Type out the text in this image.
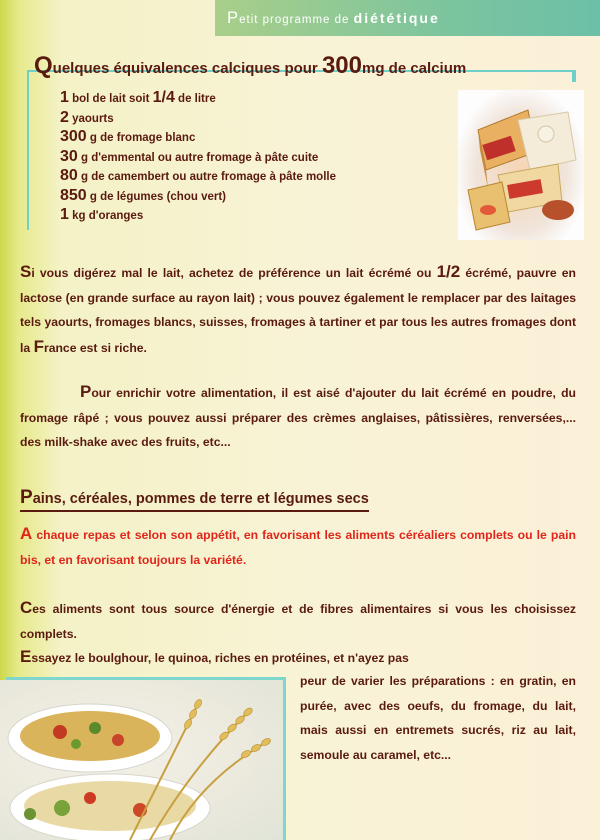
Petit programme de diététique
Quelques équivalences calciques pour 300mg de calcium
1 bol de lait soit 1/4 de litre
2 yaourts
300 g de fromage blanc
30 g d'emmental ou autre fromage à pâte cuite
80 g de camembert ou autre fromage à pâte molle
850 g de légumes (chou vert)
1 kg d'oranges
Si vous digérez mal le lait, achetez de préférence un lait écrémé ou 1/2 écrémé, pauvre en lactose (en grande surface au rayon lait) ; vous pouvez également le remplacer par des laitages tels yaourts, fromages blancs, suisses, fromages à tartiner et par tous les autres fromages dont la France est si riche.
Pour enrichir votre alimentation, il est aisé d'ajouter du lait écrémé en poudre, du fromage râpé ; vous pouvez aussi préparer des crèmes anglaises, pâtissières, renversées,... des milk-shake avec des fruits, etc...
Pains, céréales, pommes de terre et légumes secs
A chaque repas et selon son appétit, en favorisant les aliments céréaliers complets ou le pain bis, et en favorisant toujours la variété.
Ces aliments sont tous source d'énergie et de fibres alimentaires si vous les choisissez complets.
Essayez le boulghour, le quinoa, riches en protéines, et n'ayez pas
peur de varier les préparations : en gratin, en purée, avec des oeufs, du fromage, du lait, mais aussi en entremets sucrés, riz au lait, semoule au caramel, etc...
